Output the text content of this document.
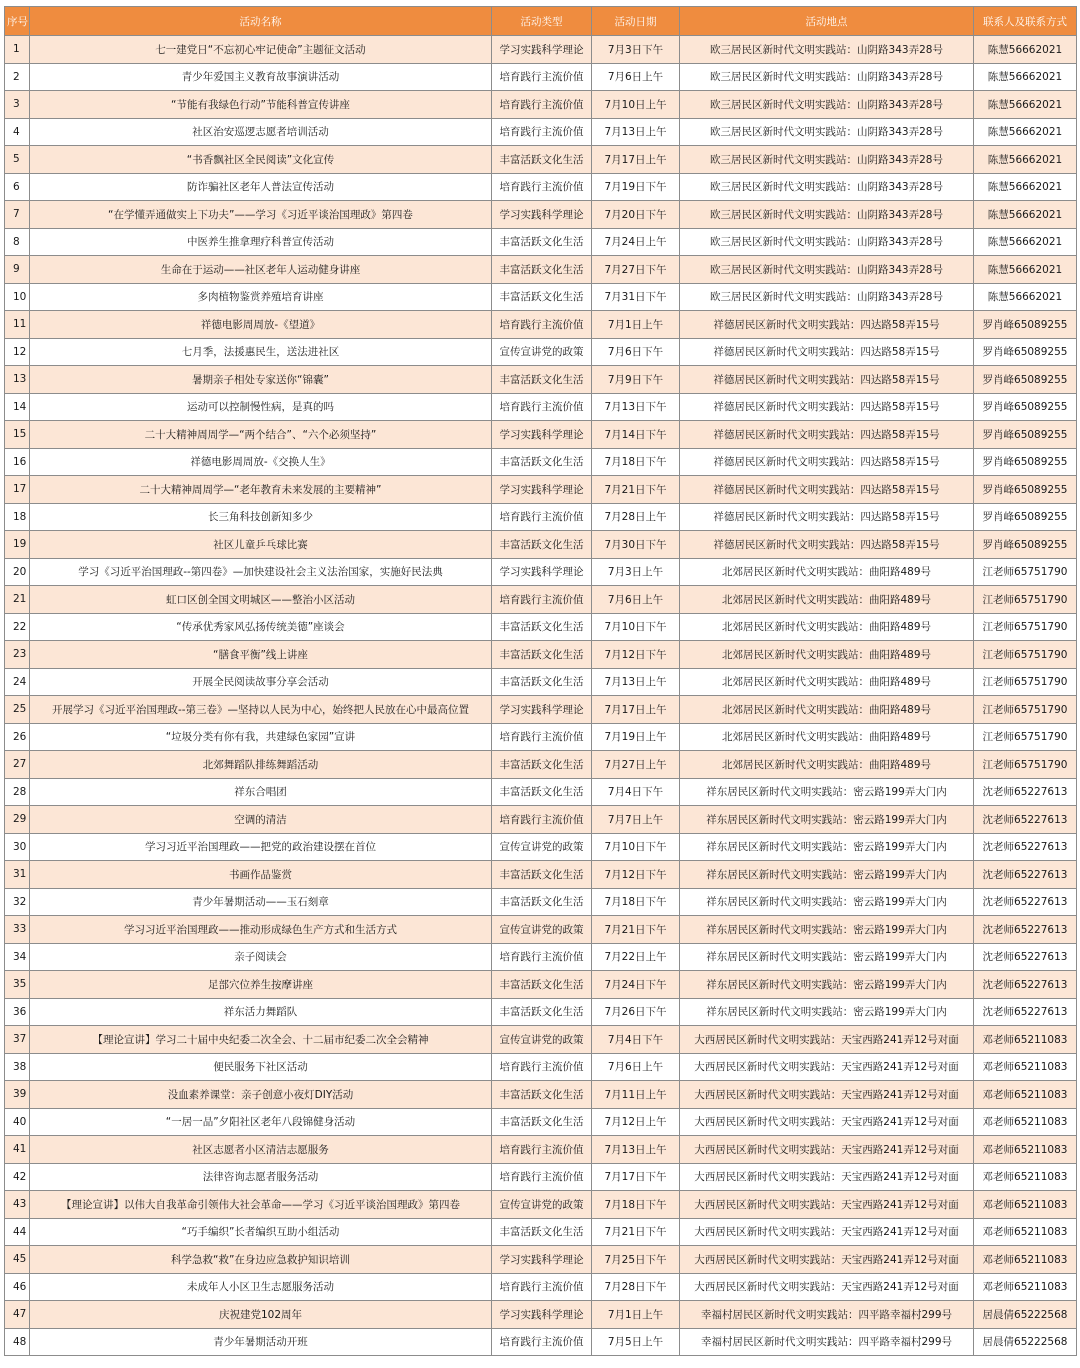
序号	活动名称	活动类型	活动日期	活动地点	联系人及联系方式
1	七一建党日“不忘初心牢记使命”主题征文活动	学习实践科学理论	7月3日下午	欧三居民区新时代文明实践站：山阴路343弄28号	陈慧56662021
2	青少年爱国主义教育故事演讲活动	培育践行主流价值	7月6日上午	欧三居民区新时代文明实践站：山阴路343弄28号	陈慧56662021
3	“节能有我绿色行动”节能科普宣传讲座	培育践行主流价值	7月10日上午	欧三居民区新时代文明实践站：山阴路343弄28号	陈慧56662021
4	社区治安巡逻志愿者培训活动	培育践行主流价值	7月13日上午	欧三居民区新时代文明实践站：山阴路343弄28号	陈慧56662021
5	“书香飘社区全民阅读”文化宣传	丰富活跃文化生活	7月17日上午	欧三居民区新时代文明实践站：山阴路343弄28号	陈慧56662021
6	防诈骗社区老年人普法宣传活动	培育践行主流价值	7月19日下午	欧三居民区新时代文明实践站：山阴路343弄28号	陈慧56662021
7	“在学懂弄通做实上下功夫”——学习《习近平谈治国理政》第四卷	学习实践科学理论	7月20日下午	欧三居民区新时代文明实践站：山阴路343弄28号	陈慧56662021
8	中医养生推拿理疗科普宣传活动	丰富活跃文化生活	7月24日上午	欧三居民区新时代文明实践站：山阴路343弄28号	陈慧56662021
9	生命在于运动——社区老年人运动健身讲座	丰富活跃文化生活	7月27日下午	欧三居民区新时代文明实践站：山阴路343弄28号	陈慧56662021
10	多肉植物鉴赏养殖培育讲座	丰富活跃文化生活	7月31日下午	欧三居民区新时代文明实践站：山阴路343弄28号	陈慧56662021
11	祥德电影周周放-《望道》	培育践行主流价值	7月1日上午	祥德居民区新时代文明实践站：四达路58弄15号	罗肖峰65089255
12	七月季，法援惠民生，送法进社区	宣传宣讲党的政策	7月6日下午	祥德居民区新时代文明实践站：四达路58弄15号	罗肖峰65089255
13	暑期亲子相处专家送你“锦囊”	丰富活跃文化生活	7月9日下午	祥德居民区新时代文明实践站：四达路58弄15号	罗肖峰65089255
14	运动可以控制慢性病，是真的吗	培育践行主流价值	7月13日下午	祥德居民区新时代文明实践站：四达路58弄15号	罗肖峰65089255
15	二十大精神周周学—“两个结合”、“六个必须坚持”	学习实践科学理论	7月14日下午	祥德居民区新时代文明实践站：四达路58弄15号	罗肖峰65089255
16	祥德电影周周放-《交换人生》	丰富活跃文化生活	7月18日下午	祥德居民区新时代文明实践站：四达路58弄15号	罗肖峰65089255
17	二十大精神周周学—“老年教育未来发展的主要精神”	学习实践科学理论	7月21日下午	祥德居民区新时代文明实践站：四达路58弄15号	罗肖峰65089255
18	长三角科技创新知多少	培育践行主流价值	7月28日上午	祥德居民区新时代文明实践站：四达路58弄15号	罗肖峰65089255
19	社区儿童乒乓球比赛	丰富活跃文化生活	7月30日下午	祥德居民区新时代文明实践站：四达路58弄15号	罗肖峰65089255
20	学习《习近平治国理政--第四卷》—加快建设社会主义法治国家，实施好民法典	学习实践科学理论	7月3日上午	北郊居民区新时代文明实践站：曲阳路489号	江老师65751790
21	虹口区创全国文明城区——整治小区活动	培育践行主流价值	7月6日上午	北郊居民区新时代文明实践站：曲阳路489号	江老师65751790
22	“传承优秀家风弘扬传统美德”座谈会	丰富活跃文化生活	7月10日下午	北郊居民区新时代文明实践站：曲阳路489号	江老师65751790
23	“膳食平衡”线上讲座	丰富活跃文化生活	7月12日下午	北郊居民区新时代文明实践站：曲阳路489号	江老师65751790
24	开展全民阅读故事分享会活动	丰富活跃文化生活	7月13日上午	北郊居民区新时代文明实践站：曲阳路489号	江老师65751790
25	开展学习《习近平治国理政--第三卷》—坚持以人民为中心，始终把人民放在心中最高位置	学习实践科学理论	7月17日上午	北郊居民区新时代文明实践站：曲阳路489号	江老师65751790
26	“垃圾分类有你有我，共建绿色家园”宣讲	培育践行主流价值	7月19日上午	北郊居民区新时代文明实践站：曲阳路489号	江老师65751790
27	北郊舞蹈队排练舞蹈活动	丰富活跃文化生活	7月27日上午	北郊居民区新时代文明实践站：曲阳路489号	江老师65751790
28	祥东合唱团	丰富活跃文化生活	7月4日下午	祥东居民区新时代文明实践站：密云路199弄大门内	沈老师65227613
29	空调的清洁	培育践行主流价值	7月7日上午	祥东居民区新时代文明实践站：密云路199弄大门内	沈老师65227613
30	学习习近平治国理政——把党的政治建设摆在首位	宣传宣讲党的政策	7月10日下午	祥东居民区新时代文明实践站：密云路199弄大门内	沈老师65227613
31	书画作品鉴赏	丰富活跃文化生活	7月12日下午	祥东居民区新时代文明实践站：密云路199弄大门内	沈老师65227613
32	青少年暑期活动——玉石刻章	丰富活跃文化生活	7月18日下午	祥东居民区新时代文明实践站：密云路199弄大门内	沈老师65227613
33	学习习近平治国理政——推动形成绿色生产方式和生活方式	宣传宣讲党的政策	7月21日下午	祥东居民区新时代文明实践站：密云路199弄大门内	沈老师65227613
34	亲子阅读会	培育践行主流价值	7月22日上午	祥东居民区新时代文明实践站：密云路199弄大门内	沈老师65227613
35	足部穴位养生按摩讲座	丰富活跃文化生活	7月24日下午	祥东居民区新时代文明实践站：密云路199弄大门内	沈老师65227613
36	祥东活力舞蹈队	丰富活跃文化生活	7月26日下午	祥东居民区新时代文明实践站：密云路199弄大门内	沈老师65227613
37	【理论宣讲】学习二十届中央纪委二次全会、十二届市纪委二次全会精神	宣传宣讲党的政策	7月4日下午	大西居民区新时代文明实践站：天宝西路241弄12号对面	邓老师65211083
38	便民服务下社区活动	培育践行主流价值	7月6日上午	大西居民区新时代文明实践站：天宝西路241弄12号对面	邓老师65211083
39	没血素养课堂：亲子创意小夜灯DIY活动	丰富活跃文化生活	7月11日上午	大西居民区新时代文明实践站：天宝西路241弄12号对面	邓老师65211083
40	“一居一品”夕阳社区老年八段锦健身活动	丰富活跃文化生活	7月12日上午	大西居民区新时代文明实践站：天宝西路241弄12号对面	邓老师65211083
41	社区志愿者小区清洁志愿服务	培育践行主流价值	7月13日上午	大西居民区新时代文明实践站：天宝西路241弄12号对面	邓老师65211083
42	法律咨询志愿者服务活动	培育践行主流价值	7月17日下午	大西居民区新时代文明实践站：天宝西路241弄12号对面	邓老师65211083
43	【理论宣讲】以伟大自我革命引领伟大社会革命——学习《习近平谈治国理政》第四卷	宣传宣讲党的政策	7月18日下午	大西居民区新时代文明实践站：天宝西路241弄12号对面	邓老师65211083
44	“巧手编织”长者编织互助小组活动	丰富活跃文化生活	7月21日下午	大西居民区新时代文明实践站：天宝西路241弄12号对面	邓老师65211083
45	科学急救“救”在身边应急救护知识培训	学习实践科学理论	7月25日下午	大西居民区新时代文明实践站：天宝西路241弄12号对面	邓老师65211083
46	未成年人小区卫生志愿服务活动	培育践行主流价值	7月28日下午	大西居民区新时代文明实践站：天宝西路241弄12号对面	邓老师65211083
47	庆祝建党102周年	学习实践科学理论	7月1日上午	幸福村居民区新时代文明实践站：四平路幸福村299号	居晨倩65222568
48	青少年暑期活动开班	培育践行主流价值	7月5日上午	幸福村居民区新时代文明实践站：四平路幸福村299号	居晨倩65222568
